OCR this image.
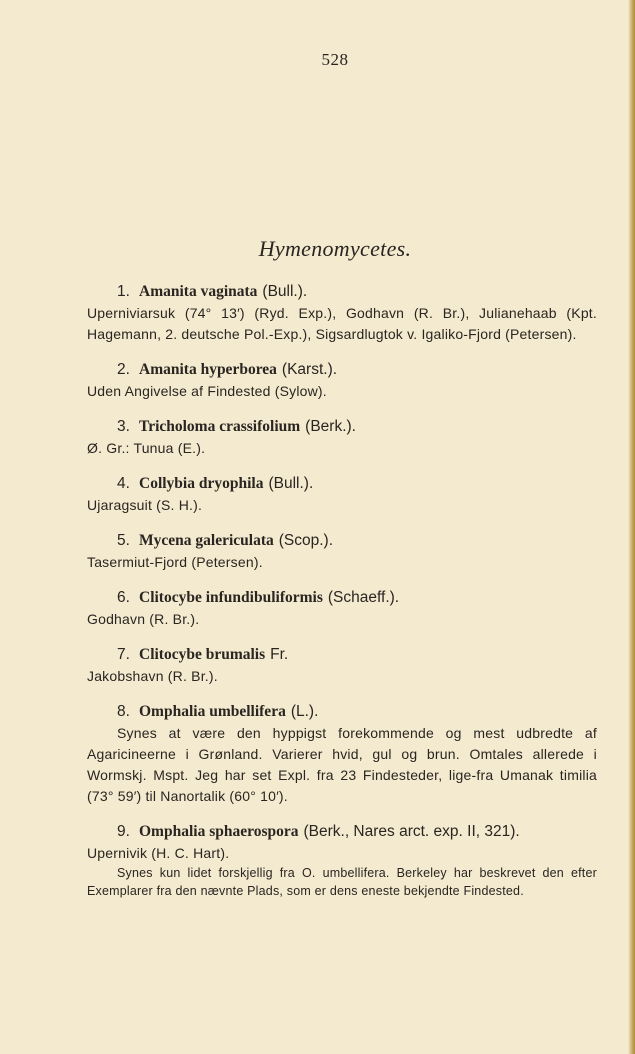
528
Hymenomycetes.
1. Amanita vaginata (Bull.).
Uperniviarsuk (74° 13′) (Ryd. Exp.), Godhavn (R. Br.), Julianehaab (Kpt. Hagemann, 2. deutsche Pol.-Exp.), Sigsardlugtok v. Igaliko-Fjord (Petersen).
2. Amanita hyperborea (Karst.).
Uden Angivelse af Findested (Sylow).
3. Tricholoma crassifolium (Berk.).
Ø. Gr.: Tunua (E.).
4. Collybia dryophila (Bull.).
Ujaragsuit (S. H.).
5. Mycena galericulata (Scop.).
Tasermiut-Fjord (Petersen).
6. Clitocybe infundibuliformis (Schaeff.).
Godhavn (R. Br.).
7. Clitocybe brumalis Fr.
Jakobshavn (R. Br.).
8. Omphalia umbellifera (L.).
Synes at være den hyppigst forekommende og mest udbredte af Agaricineerne i Grønland. Varierer hvid, gul og brun. Omtales allerede i Wormskj. Mspt. Jeg har set Expl. fra 23 Findesteder, lige-fra Umanak timilia (73° 59′) til Nanortalik (60° 10′).
9. Omphalia sphaerospora (Berk., Nares arct. exp. II, 321).
Upernivik (H. C. Hart).
Synes kun lidet forskjellig fra O. umbellifera. Berkeley har beskrevet den efter Exemplarer fra den nævnte Plads, som er dens eneste bekjendte Findested.
